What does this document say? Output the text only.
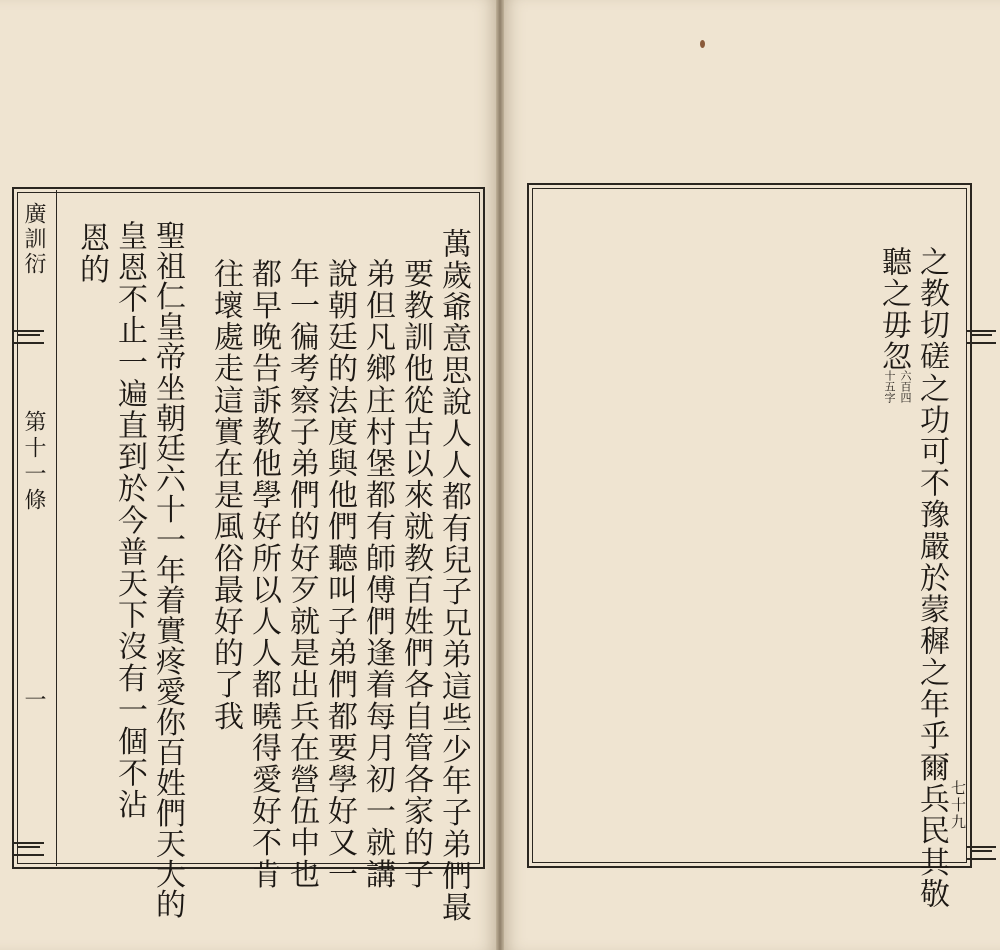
廣訓衍
第十一條
一	萬歲爺意思說人人都有兒子兄弟這些少年子弟們最
要教訓他從古以來就教百姓們各自管各家的子
弟但凡鄉庄村堡都有師傅們逢着每月初一就講
說朝廷的法度與他們聽叫子弟們都要學好又一
年一徧考察子弟們的好歹就是出兵在營伍中也
都早晚告訴教他學好所以人人都曉得愛好不肯
往壞處走這實在是風俗最好的了我
聖祖仁皇帝坐朝廷六十一年着實疼愛你百姓們天大的
皇恩不止一遍直到於今普天下沒有一個不沾
恩的
　	之教切磋之功可不豫嚴於蒙穉之年乎爾兵民其敬
聽之毋忽
六百四
十五字
七十九
